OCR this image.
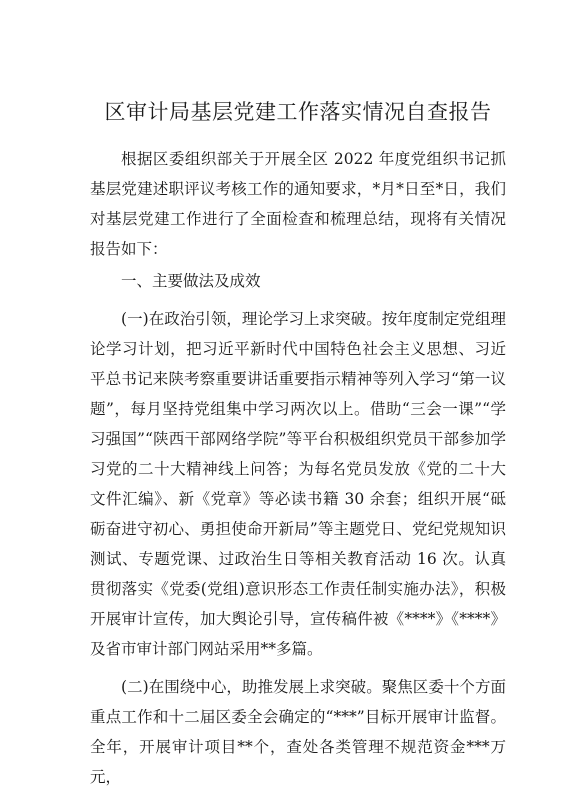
区审计局基层党建工作落实情况自查报告

根据区委组织部关于开展全区 2022 年度党组织书记抓基层党建述职评议考核工作的通知要求，*月*日至*日，我们对基层党建工作进行了全面检查和梳理总结，现将有关情况报告如下：

一、主要做法及成效

(一)在政治引领，理论学习上求突破。按年度制定党组理论学习计划，把习近平新时代中国特色社会主义思想、习近平总书记来陕考察重要讲话重要指示精神等列入学习“第一议题”，每月坚持党组集中学习两次以上。借助“三会一课”“学习强国”“陕西干部网络学院”等平台积极组织党员干部参加学习党的二十大精神线上问答；为每名党员发放《党的二十大文件汇编》、新《党章》等必读书籍 30 余套；组织开展“砥砺奋进守初心、勇担使命开新局”等主题党日、党纪党规知识测试、专题党课、过政治生日等相关教育活动 16 次。认真贯彻落实《党委(党组)意识形态工作责任制实施办法》，积极开展审计宣传，加大舆论引导，宣传稿件被《****》《****》及省市审计部门网站采用**多篇。

(二)在围绕中心，助推发展上求突破。聚焦区委十个方面重点工作和十二届区委全会确定的“***”目标开展审计监督。全年，开展审计项目**个，查处各类管理不规范资金***万元，
